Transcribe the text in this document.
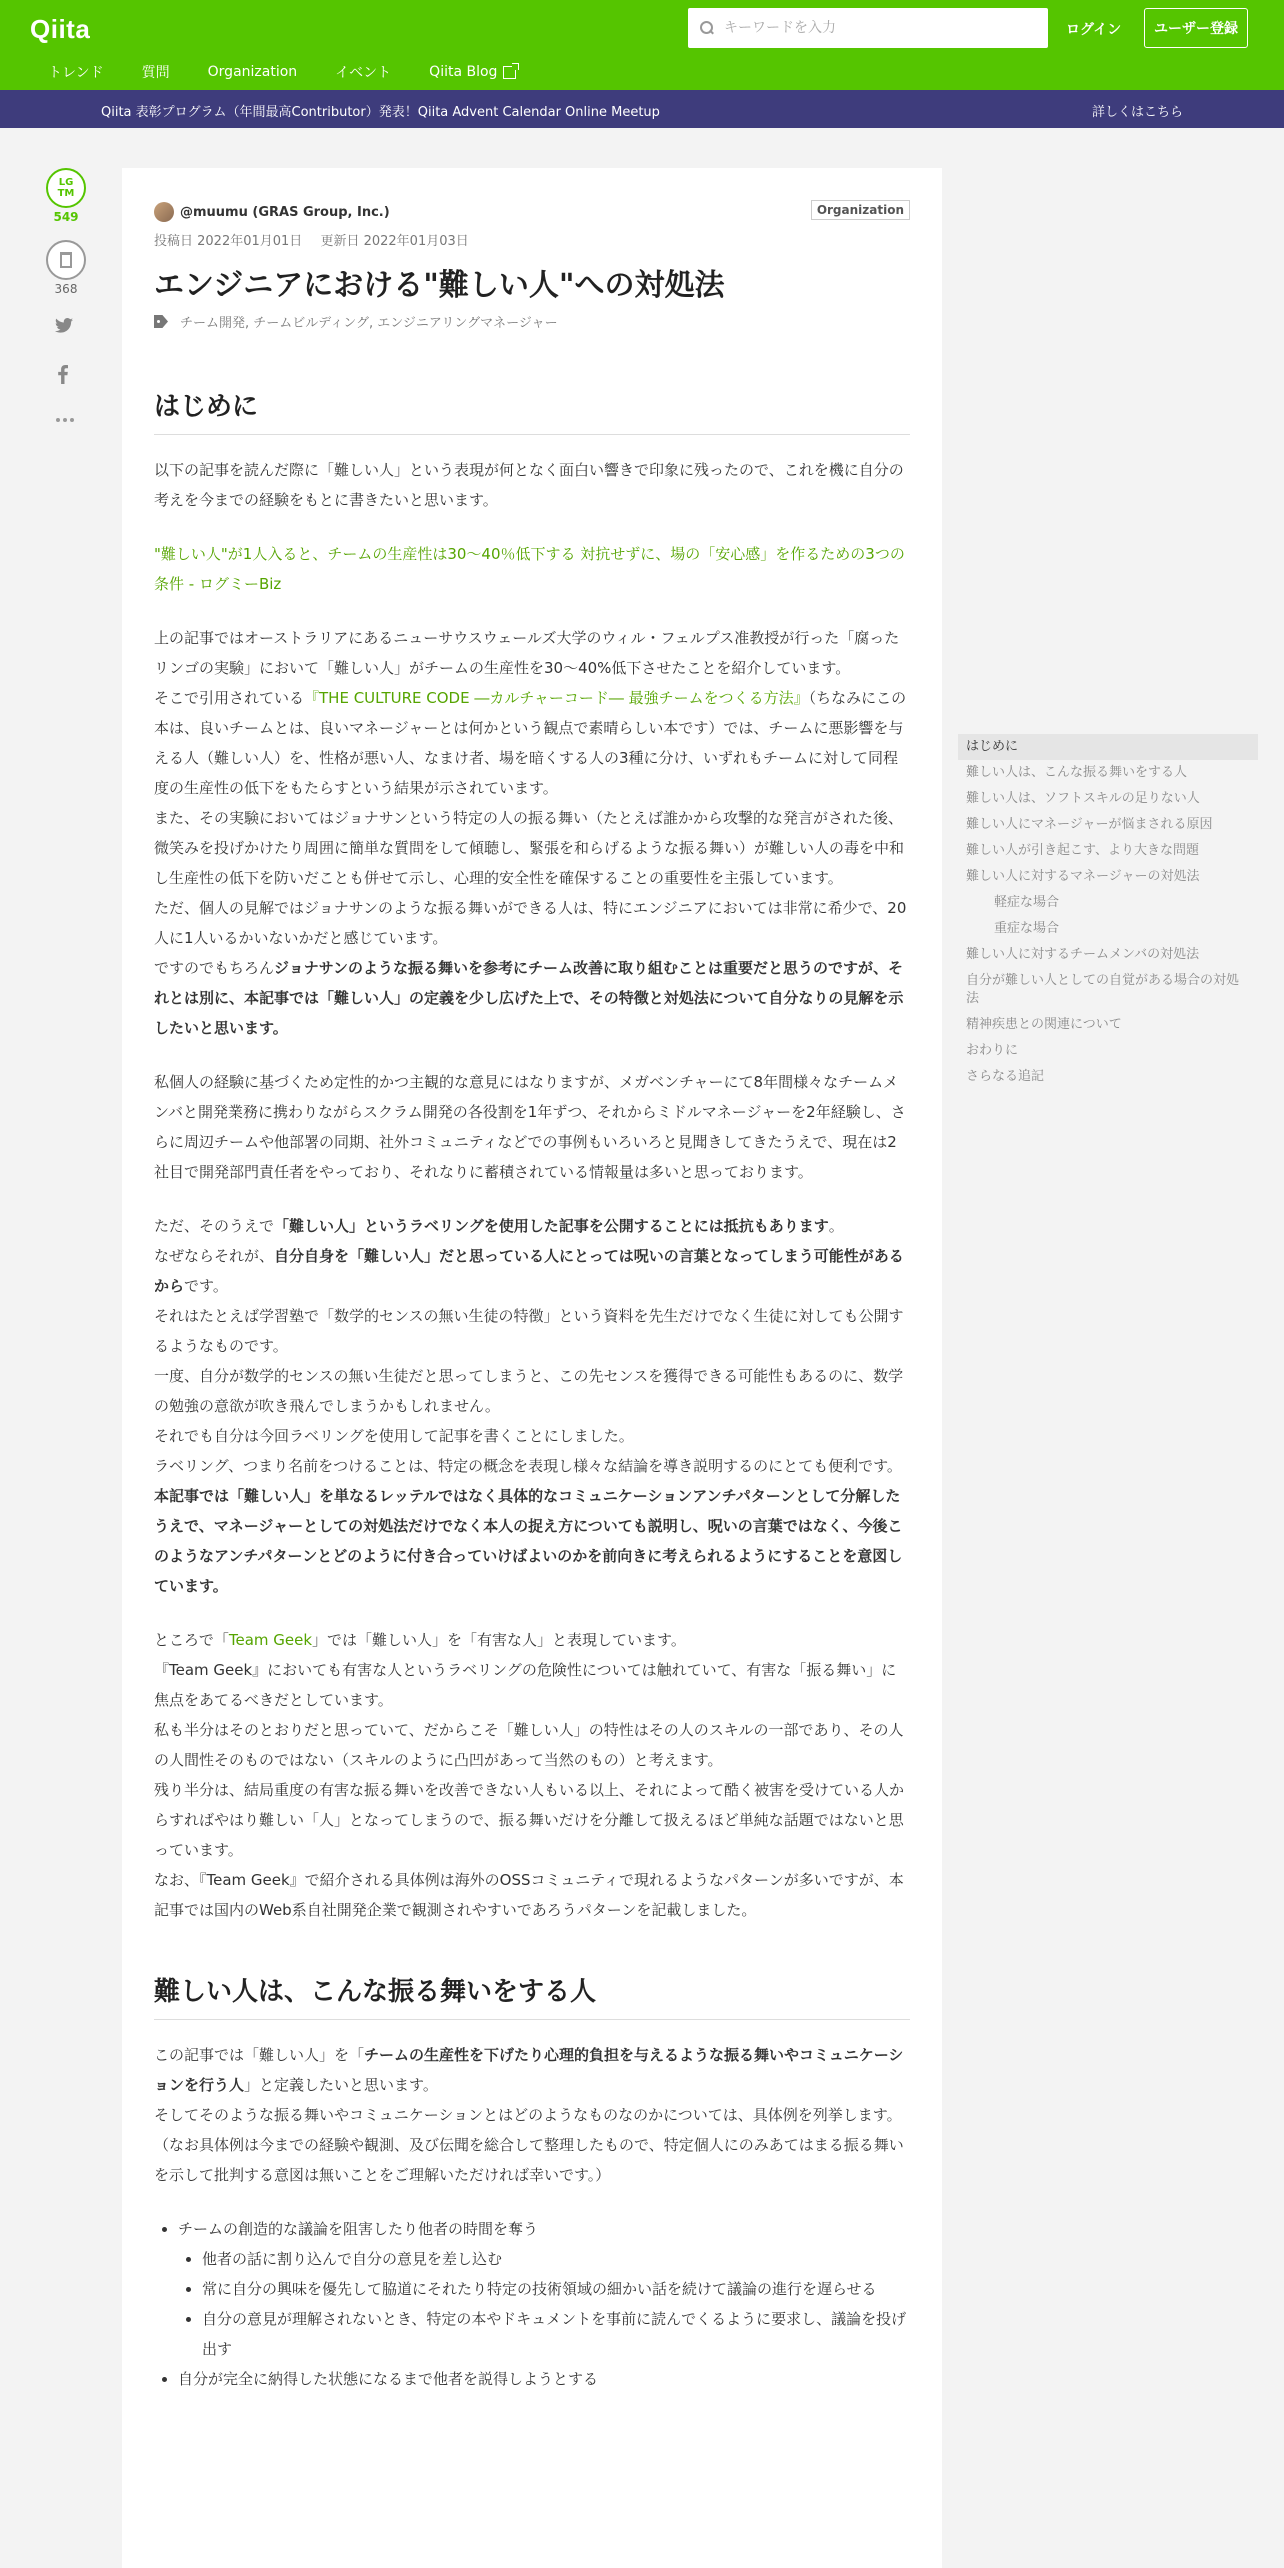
Qiita
トレンド	質問	Organization	イベント	Qiita Blog
キーワードを入力
ログイン	ユーザー登録
Qiita 表彰プログラム（年間最高Contributor）発表！Qiita Advent Calendar Online Meetup	詳しくはこちら
LG TM
549
368
@muumu (GRAS Group, Inc.)	Organization
投稿日 2022年01月01日 更新日 2022年01月03日
エンジニアにおける"難しい人"への対処法
チーム開発, チームビルディング, エンジニアリングマネージャー
はじめに

以下の記事を読んだ際に「難しい人」という表現が何となく面白い響きで印象に残ったので、これを機に自分の考えを今までの経験をもとに書きたいと思います。

"難しい人"が1人入ると、チームの生産性は30〜40％低下する 対抗せずに、場の「安心感」を作るための3つの条件 - ログミーBiz

上の記事ではオーストラリアにあるニューサウスウェールズ大学のウィル・フェルプス准教授が行った「腐ったリンゴの実験」において「難しい人」がチームの生産性を30～40%低下させたことを紹介しています。
そこで引用されている『THE CULTURE CODE ―カルチャーコード― 最強チームをつくる方法』（ちなみにこの本は、良いチームとは、良いマネージャーとは何かという観点で素晴らしい本です）では、チームに悪影響を与える人（難しい人）を、性格が悪い人、なまけ者、場を暗くする人の3種に分け、いずれもチームに対して同程度の生産性の低下をもたらすという結果が示されています。
また、その実験においてはジョナサンという特定の人の振る舞い（たとえば誰かから攻撃的な発言がされた後、微笑みを投げかけたり周囲に簡単な質問をして傾聴し、緊張を和らげるような振る舞い）が難しい人の毒を中和し生産性の低下を防いだことも併せて示し、心理的安全性を確保することの重要性を主張しています。
ただ、個人の見解ではジョナサンのような振る舞いができる人は、特にエンジニアにおいては非常に希少で、20人に1人いるかいないかだと感じています。
ですのでもちろんジョナサンのような振る舞いを参考にチーム改善に取り組むことは重要だと思うのですが、それとは別に、本記事では「難しい人」の定義を少し広げた上で、その特徴と対処法について自分なりの見解を示したいと思います。

私個人の経験に基づくため定性的かつ主観的な意見にはなりますが、メガベンチャーにて8年間様々なチームメンバと開発業務に携わりながらスクラム開発の各役割を1年ずつ、それからミドルマネージャーを2年経験し、さらに周辺チームや他部署の同期、社外コミュニティなどでの事例もいろいろと見聞きしてきたうえで、現在は2社目で開発部門責任者をやっており、それなりに蓄積されている情報量は多いと思っております。

ただ、そのうえで「難しい人」というラベリングを使用した記事を公開することには抵抗もあります。
なぜならそれが、自分自身を「難しい人」だと思っている人にとっては呪いの言葉となってしまう可能性があるからです。
それはたとえば学習塾で「数学的センスの無い生徒の特徴」という資料を先生だけでなく生徒に対しても公開するようなものです。
一度、自分が数学的センスの無い生徒だと思ってしまうと、この先センスを獲得できる可能性もあるのに、数学の勉強の意欲が吹き飛んでしまうかもしれません。
それでも自分は今回ラベリングを使用して記事を書くことにしました。
ラベリング、つまり名前をつけることは、特定の概念を表現し様々な結論を導き説明するのにとても便利です。
本記事では「難しい人」を単なるレッテルではなく具体的なコミュニケーションアンチパターンとして分解したうえで、マネージャーとしての対処法だけでなく本人の捉え方についても説明し、呪いの言葉ではなく、今後このようなアンチパターンとどのように付き合っていけばよいのかを前向きに考えられるようにすることを意図しています。

ところで「Team Geek」では「難しい人」を「有害な人」と表現しています。
『Team Geek』においても有害な人というラベリングの危険性については触れていて、有害な「振る舞い」に焦点をあてるべきだとしています。
私も半分はそのとおりだと思っていて、だからこそ「難しい人」の特性はその人のスキルの一部であり、その人の人間性そのものではない（スキルのように凸凹があって当然のもの）と考えます。
残り半分は、結局重度の有害な振る舞いを改善できない人もいる以上、それによって酷く被害を受けている人からすればやはり難しい「人」となってしまうので、振る舞いだけを分離して扱えるほど単純な話題ではないと思っています。
なお、『Team Geek』で紹介される具体例は海外のOSSコミュニティで現れるようなパターンが多いですが、本記事では国内のWeb系自社開発企業で観測されやすいであろうパターンを記載しました。

難しい人は、こんな振る舞いをする人

この記事では「難しい人」を「チームの生産性を下げたり心理的負担を与えるような振る舞いやコミュニケーションを行う人」と定義したいと思います。
そしてそのような振る舞いやコミュニケーションとはどのようなものなのかについては、具体例を列挙します。
（なお具体例は今までの経験や観測、及び伝聞を総合して整理したもので、特定個人にのみあてはまる振る舞いを示して批判する意図は無いことをご理解いただければ幸いです。）

• チームの創造的な議論を阻害したり他者の時間を奪う
• 他者の話に割り込んで自分の意見を差し込む
• 常に自分の興味を優先して脇道にそれたり特定の技術領域の細かい話を続けて議論の進行を遅らせる
• 自分の意見が理解されないとき、特定の本やドキュメントを事前に読んでくるように要求し、議論を投げ出す
• 自分が完全に納得した状態になるまで他者を説得しようとする
はじめに
難しい人は、こんな振る舞いをする人
難しい人は、ソフトスキルの足りない人
難しい人にマネージャーが悩まされる原因
難しい人が引き起こす、より大きな問題
難しい人に対するマネージャーの対処法
軽症な場合
重症な場合
難しい人に対するチームメンバの対処法
自分が難しい人としての自覚がある場合の対処法
精神疾患との関連について
おわりに
さらなる追記
